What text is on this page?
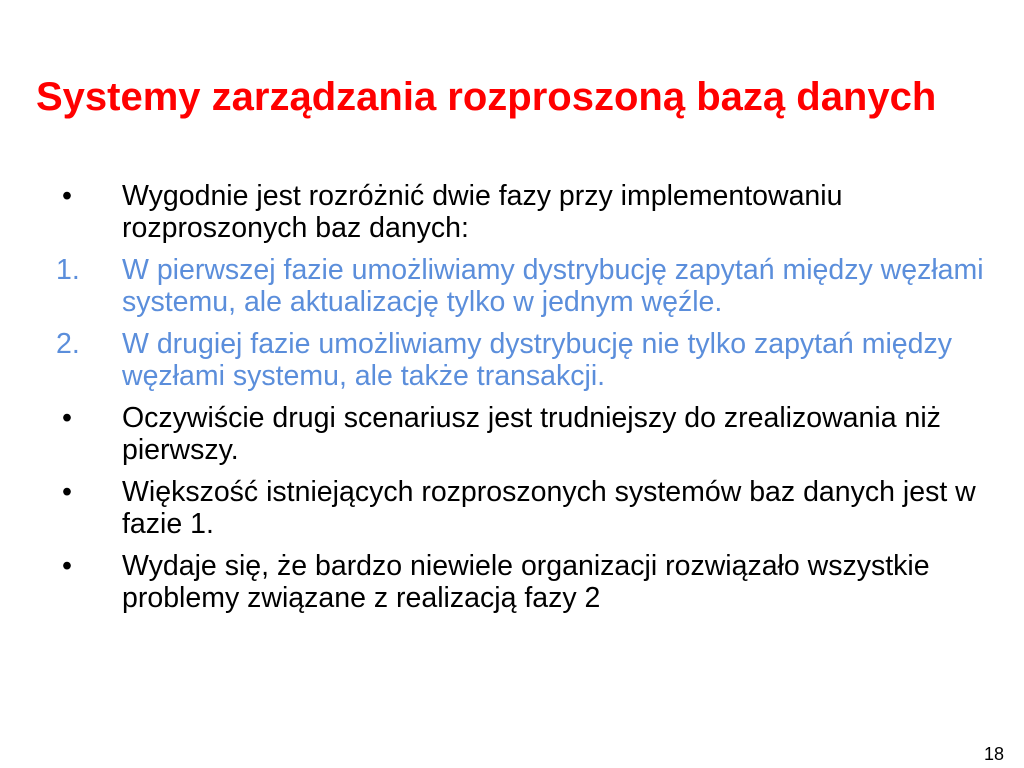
Systemy zarządzania rozproszoną bazą danych
• Wygodnie jest rozróżnić dwie fazy przy implementowaniu rozproszonych baz danych:
1. W pierwszej fazie umożliwiamy dystrybucję zapytań między węzłami systemu, ale aktualizację tylko w jednym węźle.
2. W drugiej fazie umożliwiamy dystrybucję nie tylko zapytań między węzłami systemu, ale także transakcji.
• Oczywiście drugi scenariusz jest trudniejszy do zrealizowania niż pierwszy.
• Większość istniejących rozproszonych systemów baz danych jest w fazie 1.
• Wydaje się, że bardzo niewiele organizacji rozwiązało wszystkie problemy związane z realizacją fazy 2
18
